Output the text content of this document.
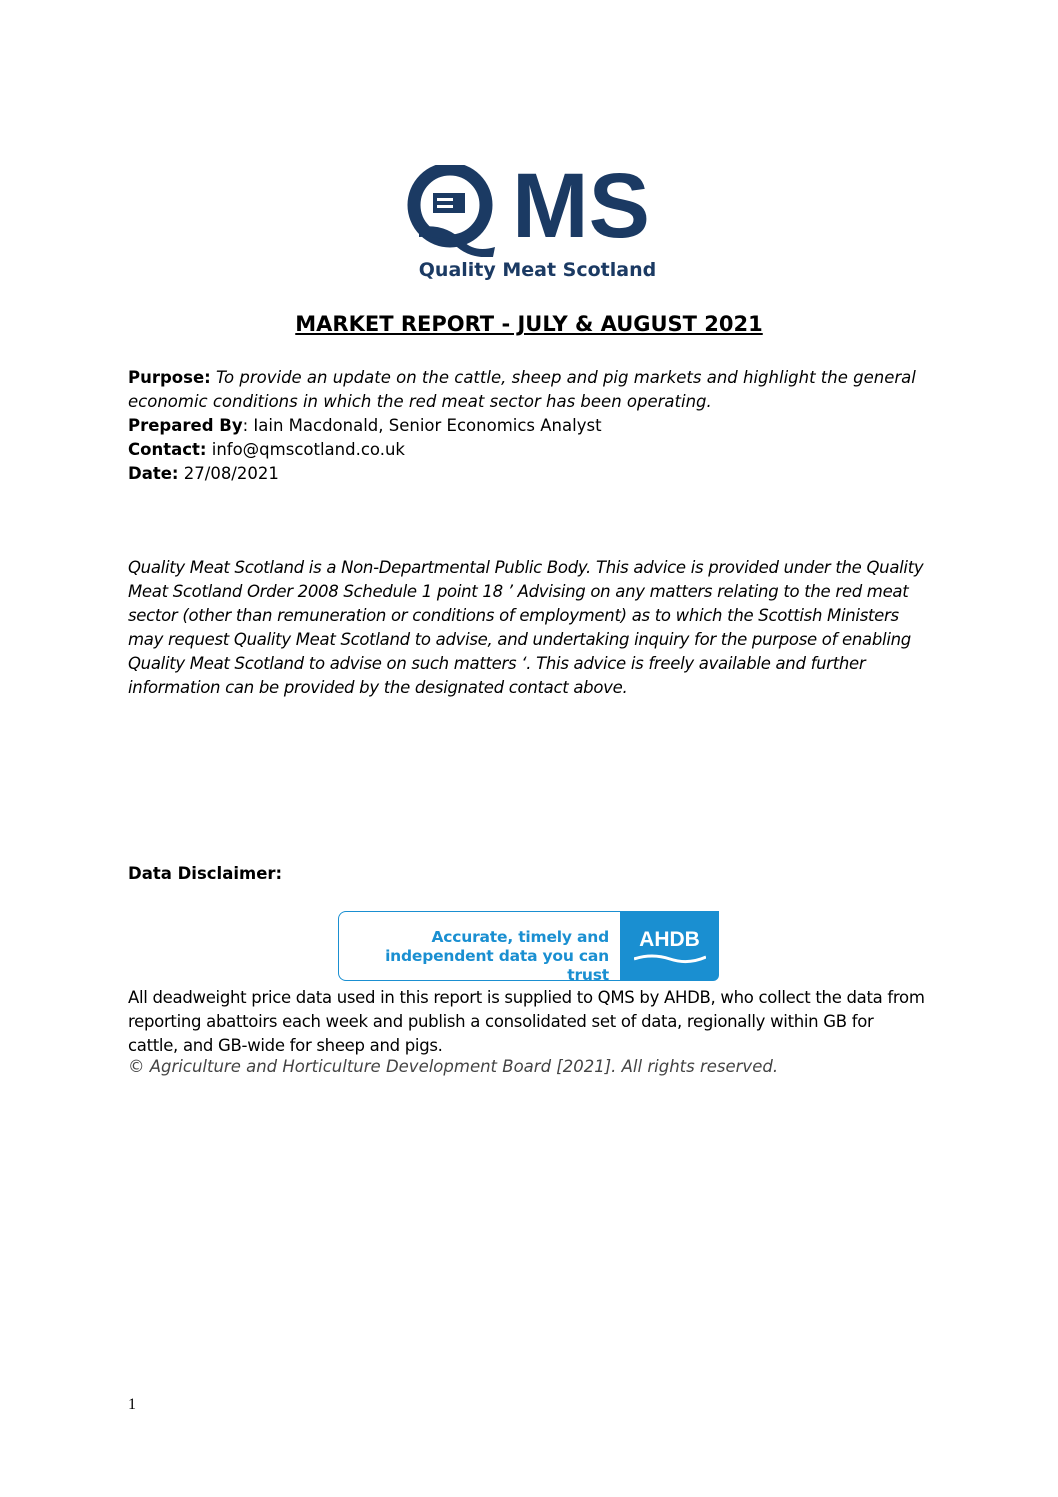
MS
Quality Meat Scotland
MARKET REPORT - JULY & AUGUST 2021
Purpose: To provide an update on the cattle, sheep and pig markets and highlight the general economic conditions in which the red meat sector has been operating.
Prepared By: Iain Macdonald, Senior Economics Analyst
Contact: info@qmscotland.co.uk
Date: 27/08/2021
Quality Meat Scotland is a Non-Departmental Public Body. This advice is provided under the Quality Meat Scotland Order 2008 Schedule 1 point 18 ’ Advising on any matters relating to the red meat sector (other than remuneration or conditions of employment) as to which the Scottish Ministers may request Quality Meat Scotland to advise, and undertaking inquiry for the purpose of enabling Quality Meat Scotland to advise on such matters ‘. This advice is freely available and further information can be provided by the designated contact above.
Data Disclaimer:
Accurate, timely and
independent data you can trust
AHDB
All deadweight price data used in this report is supplied to QMS by AHDB, who collect the data from reporting abattoirs each week and publish a consolidated set of data, regionally within GB for cattle, and GB-wide for sheep and pigs.
© Agriculture and Horticulture Development Board [2021]. All rights reserved.
1
